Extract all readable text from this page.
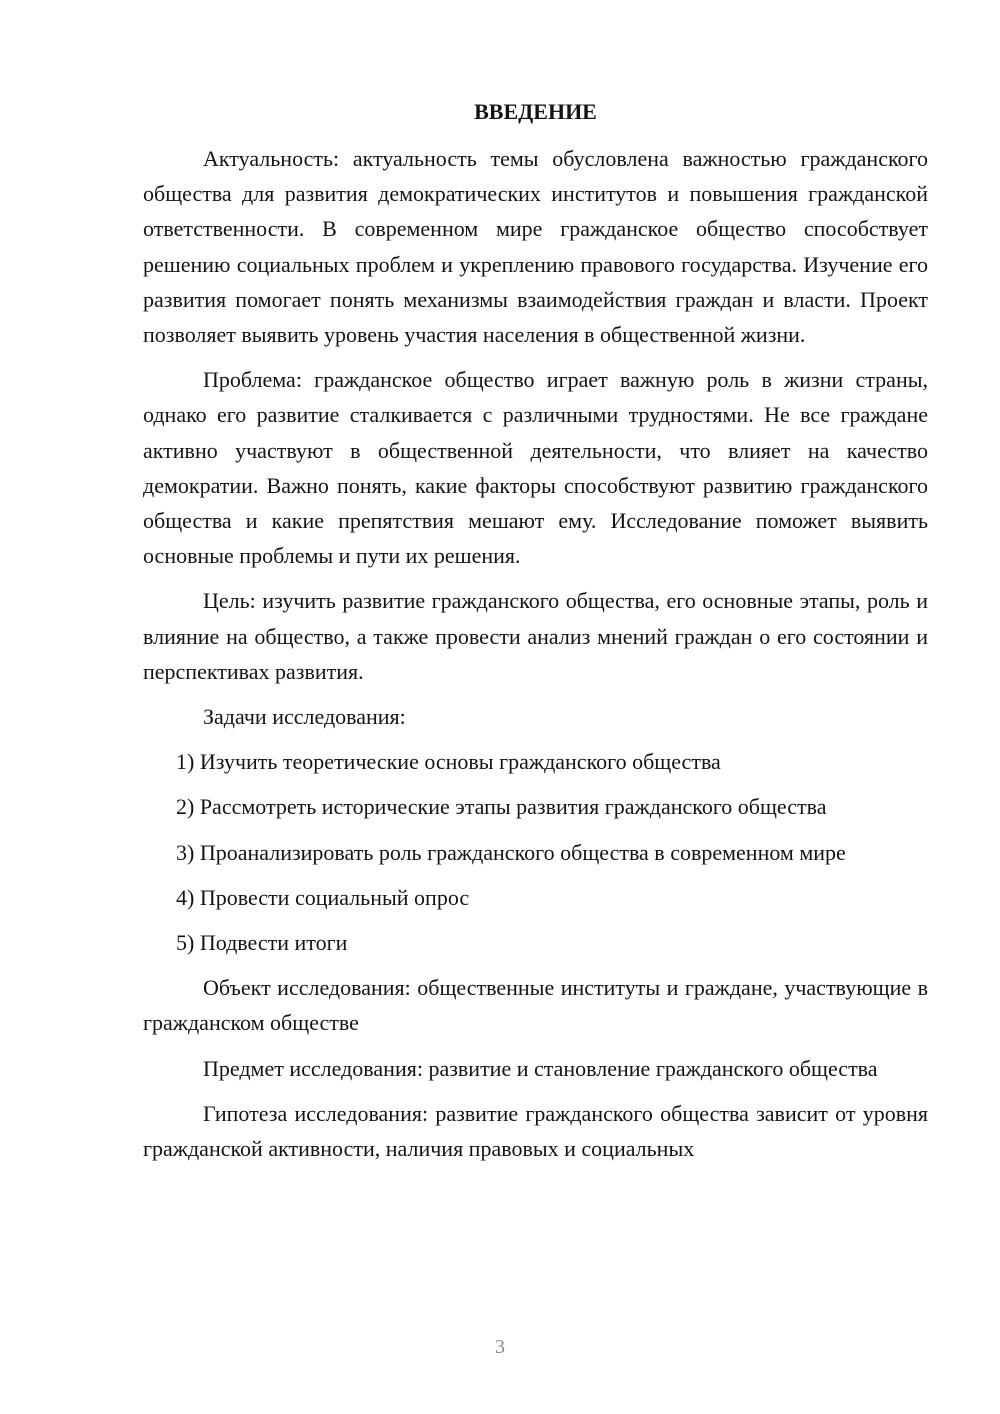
ВВЕДЕНИЕ

Актуальность: актуальность темы обусловлена важностью гражданского общества для развития демократических институтов и повышения гражданской ответственности. В современном мире гражданское общество способствует решению социальных проблем и укреплению правового государства. Изучение его развития помогает понять механизмы взаимодействия граждан и власти. Проект позволяет выявить уровень участия населения в общественной жизни.

Проблема: гражданское общество играет важную роль в жизни страны, однако его развитие сталкивается с различными трудностями. Не все граждане активно участвуют в общественной деятельности, что влияет на качество демократии. Важно понять, какие факторы способствуют развитию гражданского общества и какие препятствия мешают ему. Исследование поможет выявить основные проблемы и пути их решения.

Цель: изучить развитие гражданского общества, его основные этапы, роль и влияние на общество, а также провести анализ мнений граждан о его состоянии и перспективах развития.

Задачи исследования:

1) Изучить теоретические основы гражданского общества

2) Рассмотреть исторические этапы развития гражданского общества

3) Проанализировать роль гражданского общества в современном мире

4) Провести социальный опрос

5) Подвести итоги

Объект исследования: общественные институты и граждане, участвующие в гражданском обществе

Предмет исследования: развитие и становление гражданского общества

Гипотеза исследования: развитие гражданского общества зависит от уровня гражданской активности, наличия правовых и социальных

3
